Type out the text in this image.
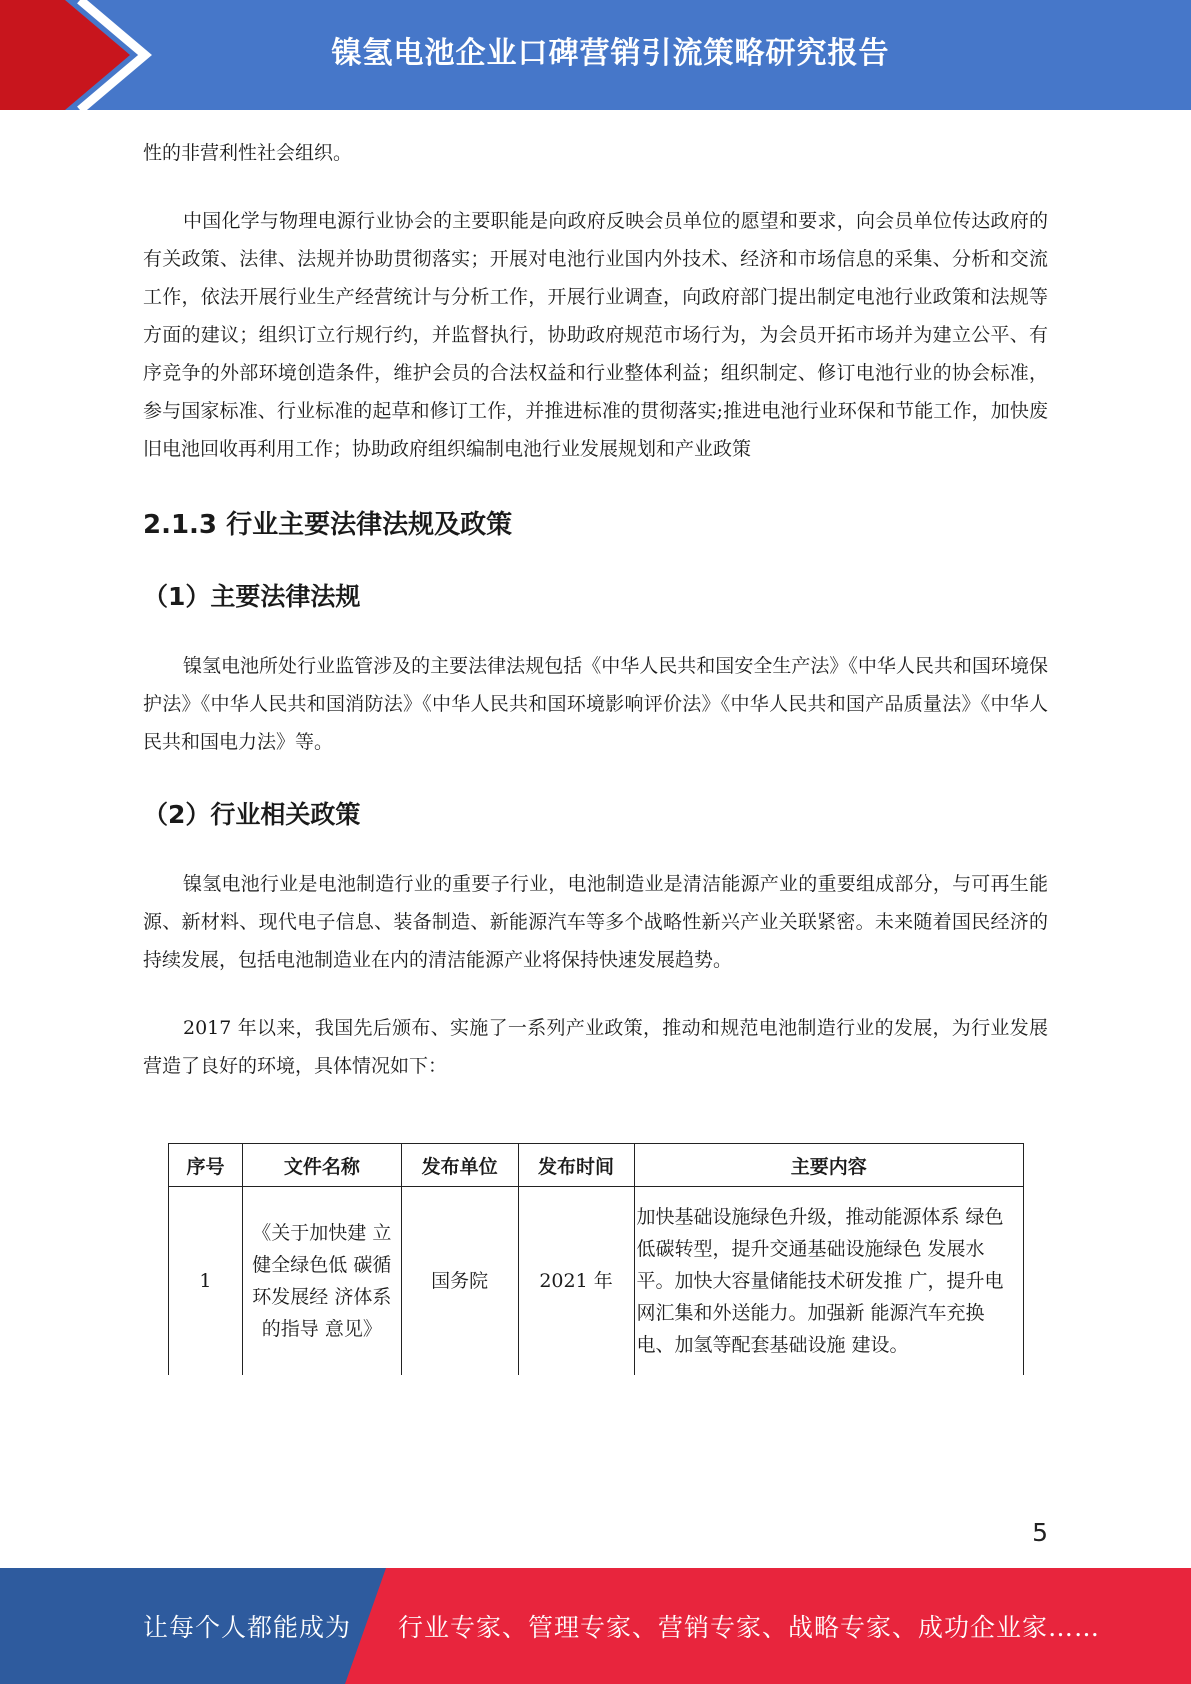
镍氢电池企业口碑营销引流策略研究报告

性的非营利性社会组织。

中国化学与物理电源行业协会的主要职能是向政府反映会员单位的愿望和要求，向会员单位传达政府的有关政策、法律、法规并协助贯彻落实；开展对电池行业国内外技术、经济和市场信息的采集、分析和交流工作，依法开展行业生产经营统计与分析工作，开展行业调查，向政府部门提出制定电池行业政策和法规等方面的建议；组织订立行规行约，并监督执行，协助政府规范市场行为，为会员开拓市场并为建立公平、有序竞争的外部环境创造条件，维护会员的合法权益和行业整体利益；组织制定、修订电池行业的协会标准，参与国家标准、行业标准的起草和修订工作，并推进标准的贯彻落实;推进电池行业环保和节能工作，加快废旧电池回收再利用工作；协助政府组织编制电池行业发展规划和产业政策

2.1.3 行业主要法律法规及政策

（1）主要法律法规

镍氢电池所处行业监管涉及的主要法律法规包括《中华人民共和国安全生产法》《中华人民共和国环境保护法》《中华人民共和国消防法》《中华人民共和国环境影响评价法》《中华人民共和国产品质量法》《中华人民共和国电力法》等。

（2）行业相关政策

镍氢电池行业是电池制造行业的重要子行业，电池制造业是清洁能源产业的重要组成部分，与可再生能源、新材料、现代电子信息、装备制造、新能源汽车等多个战略性新兴产业关联紧密。未来随着国民经济的持续发展，包括电池制造业在内的清洁能源产业将保持快速发展趋势。

2017 年以来，我国先后颁布、实施了一系列产业政策，推动和规范电池制造行业的发展，为行业发展营造了良好的环境，具体情况如下：

序号	文件名称	发布单位	发布时间	主要内容
1	《关于加快建 立健全绿色低 碳循环发展经 济体系的指导 意见》	国务院	2021 年	加快基础设施绿色升级，推动能源体系 绿色低碳转型，提升交通基础设施绿色 发展水平。加快大容量储能技术研发推 广，提升电网汇集和外送能力。加强新 能源汽车充换电、加氢等配套基础设施 建设。
5
让每个人都能成为 行业专家、管理专家、营销专家、战略专家、成功企业家……
